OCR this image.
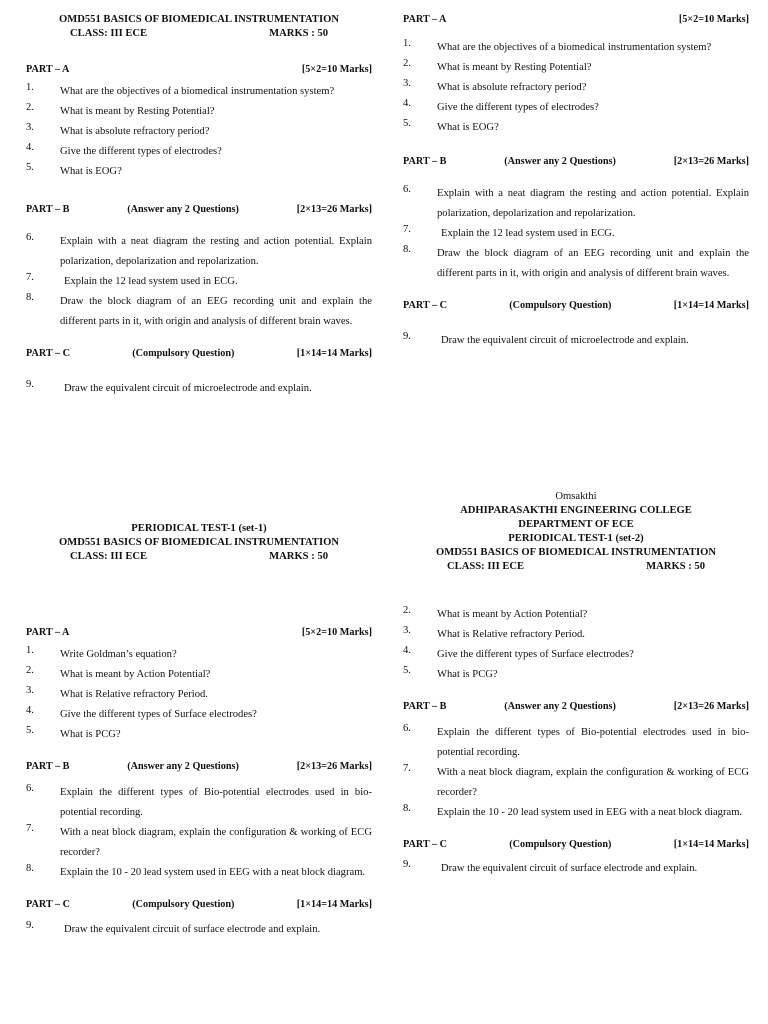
OMD551 BASICS OF BIOMEDICAL INSTRUMENTATION
CLASS: III ECE	MARKS : 50
PART – A	[5×2=10 Marks]
1.	What are the objectives of a biomedical instrumentation system?
2.	What is meant by Resting Potential?
3.	What is absolute refractory period?
4.	Give the different types of electrodes?
5.	What is EOG?
PART – B	(Answer any 2 Questions)	[2×13=26 Marks]
6.	Explain with a neat diagram the resting and action potential. Explain polarization, depolarization and repolarization.
7.	Explain the 12 lead system used in ECG.
8.	Draw the block diagram of an EEG recording unit and explain the different parts in it, with origin and analysis of different brain waves.
PART – C	(Compulsory Question)	[1×14=14 Marks]
9.	Draw the equivalent circuit of microelectrode and explain.
PART – A	[5×2=10 Marks]
1.	What are the objectives of a biomedical instrumentation system?
2.	What is meant by Resting Potential?
3.	What is absolute refractory period?
4.	Give the different types of electrodes?
5.	What is EOG?
PART – B	(Answer any 2 Questions)	[2×13=26 Marks]
6.	Explain with a neat diagram the resting and action potential. Explain polarization, depolarization and repolarization.
7.	Explain the 12 lead system used in ECG.
8.	Draw the block diagram of an EEG recording unit and explain the different parts in it, with origin and analysis of different brain waves.
PART – C	(Compulsory Question)	[1×14=14 Marks]
9.	Draw the equivalent circuit of microelectrode and explain.
PERIODICAL TEST-1 (set-1)
OMD551 BASICS OF BIOMEDICAL INSTRUMENTATION
CLASS: III ECE	MARKS : 50
PART – A	[5×2=10 Marks]
1.	Write Goldman’s equation?
2.	What is meant by Action Potential?
3.	What is Relative refractory Period.
4.	Give the different types of Surface electrodes?
5.	What is PCG?
PART – B	(Answer any 2 Questions)	[2×13=26 Marks]
6.	Explain the different types of Bio-potential electrodes used in bio-potential recording.
7.	With a neat block diagram, explain the configuration & working of ECG recorder?
8.	Explain the 10 - 20 lead system used in EEG with a neat block diagram.
PART – C	(Compulsory Question)	[1×14=14 Marks]
9.	Draw the equivalent circuit of surface electrode and explain.
Omsakthi
ADHIPARASAKTHI ENGINEERING COLLEGE
DEPARTMENT OF ECE
PERIODICAL TEST-1 (set-2)
OMD551 BASICS OF BIOMEDICAL INSTRUMENTATION
CLASS: III ECE	MARKS : 50
2.	What is meant by Action Potential?
3.	What is Relative refractory Period.
4.	Give the different types of Surface electrodes?
5.	What is PCG?
PART – B	(Answer any 2 Questions)	[2×13=26 Marks]
6.	Explain the different types of Bio-potential electrodes used in bio-potential recording.
7.	With a neat block diagram, explain the configuration & working of ECG recorder?
8.	Explain the 10 - 20 lead system used in EEG with a neat block diagram.
PART – C	(Compulsory Question)	[1×14=14 Marks]
9.	Draw the equivalent circuit of surface electrode and explain.
